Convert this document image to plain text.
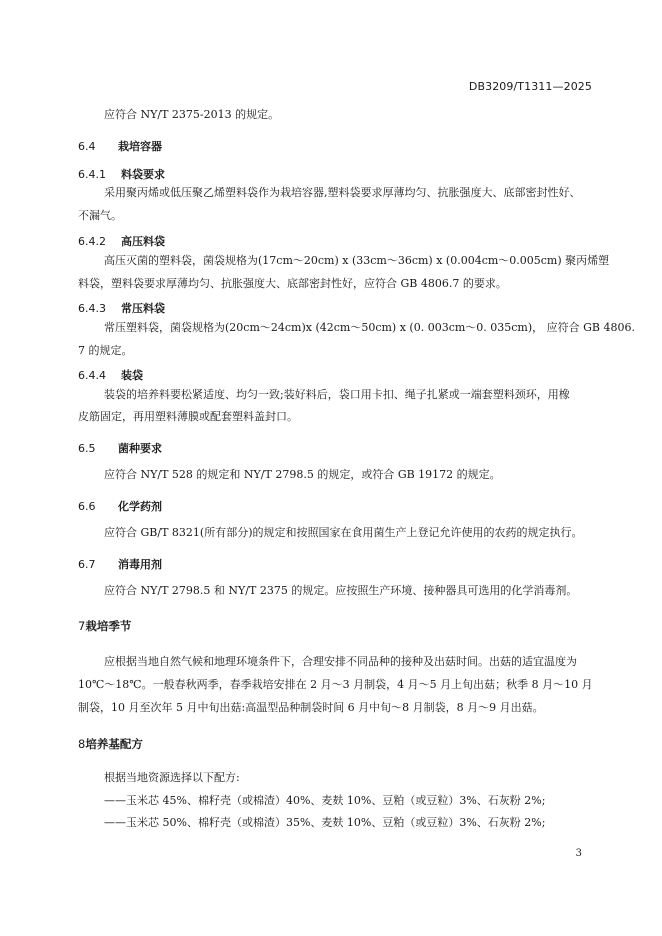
DB3209/T1311—2025
应符合 NY/T 2375-2013 的规定。
6.4 栽培容器
6.4.1 料袋要求
采用聚丙烯或低压聚乙烯塑料袋作为栽培容器,塑料袋要求厚薄均匀、抗胀强度大、底部密封性好、
不漏气。
6.4.2 高压料袋
高压灭菌的塑料袋，菌袋规格为(17cm～20cm) x (33cm～36cm) x (0.004cm～0.005cm) 聚丙烯塑
料袋，塑料袋要求厚薄均匀、抗胀强度大、底部密封性好，应符合 GB 4806.7 的要求。
6.4.3 常压料袋
常压塑料袋，菌袋规格为(20cm～24cm)x (42cm～50cm) x (0. 003cm～0. 035cm)， 应符合 GB 4806.
7 的规定。
6.4.4 装袋
装袋的培养料要松紧适度、均匀一致;装好料后，袋口用卡扣、绳子扎紧或一端套塑料颈环，用橡
皮筋固定，再用塑料薄膜或配套塑料盖封口。
6.5 菌种要求
应符合 NY/T 528 的规定和 NY/T 2798.5 的规定，或符合 GB 19172 的规定。
6.6 化学药剂
应符合 GB/T 8321(所有部分)的规定和按照国家在食用菌生产上登记允许使用的农药的规定执行。
6.7 消毒用剂
应符合 NY/T 2798.5 和 NY/T 2375 的规定。应按照生产环境、接种器具可选用的化学消毒剂。
7栽培季节
应根据当地自然气候和地理环境条件下，合理安排不同品种的接种及出菇时间。出菇的适宜温度为
10℃～18℃。一般春秋两季，春季栽培安排在 2 月～3 月制袋，4 月～5 月上旬出菇；秋季 8 月～10 月
制袋，10 月至次年 5 月中旬出菇:高温型品种制袋时间 6 月中旬～8 月制袋，8 月～9 月出菇。
8培养基配方
根据当地资源选择以下配方:
——玉米芯 45%、棉籽壳（或棉渣）40%、麦麸 10%、豆粕（或豆粒）3%、石灰粉 2%;
——玉米芯 50%、棉籽壳（或棉渣）35%、麦麸 10%、豆粕（或豆粒）3%、石灰粉 2%;
3
